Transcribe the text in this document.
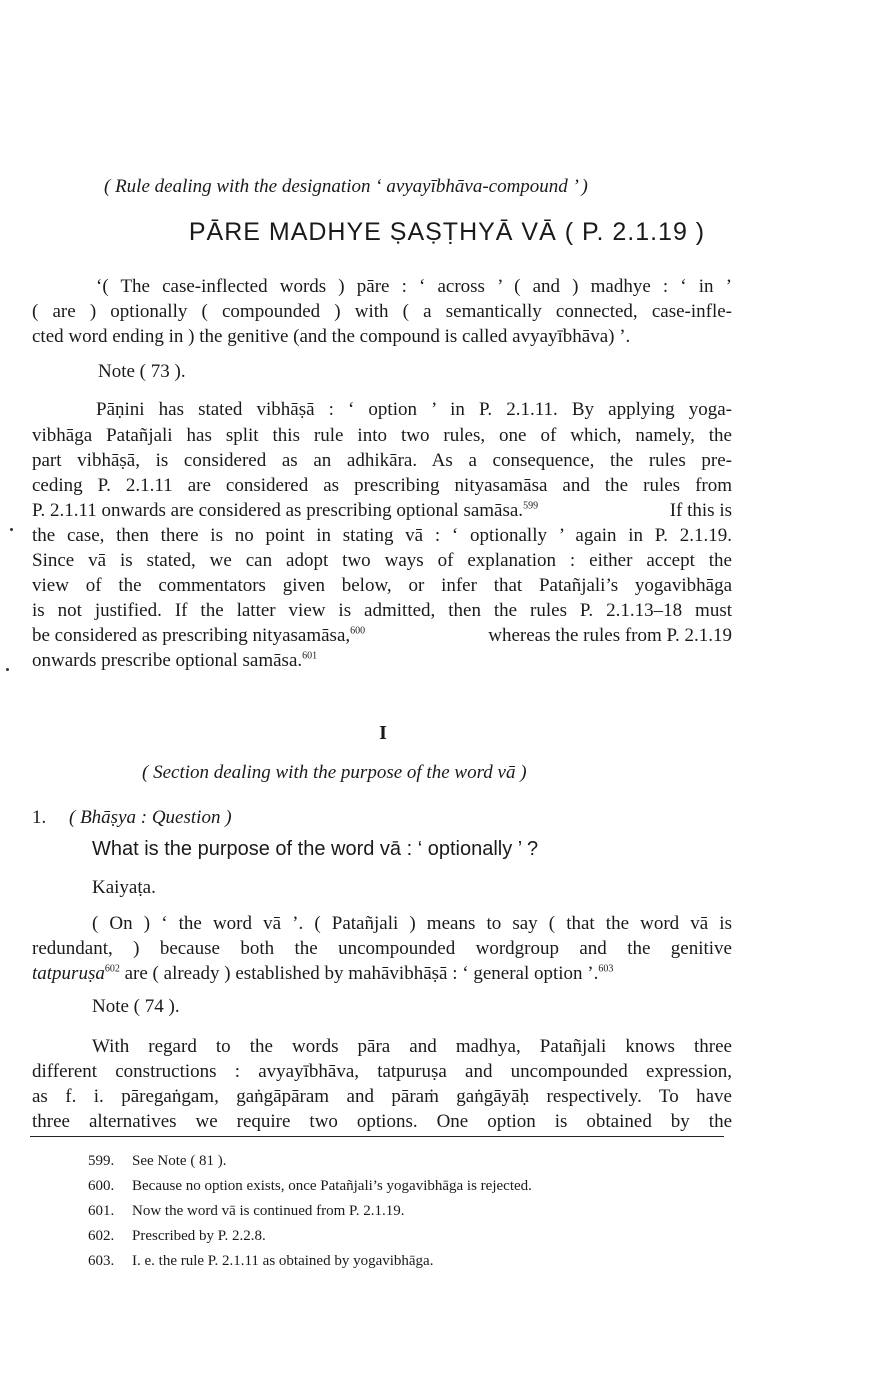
( Rule dealing with the designation ‘ avyayībhāva-compound ’ )
PĀRE MADHYE ṢAṢṬHYĀ VĀ ( P. 2.1.19 )
‘( The case-inflected words ) pāre : ‘ across ’ ( and ) madhye : ‘ in ’
( are ) optionally ( compounded ) with ( a semantically connected, case-infle-
cted word ending in ) the genitive (and the compound is called avyayībhāva) ’.
Note ( 73 ).
Pāṇini has stated vibhāṣā : ‘ option ’ in P. 2.1.11. By applying yoga-
vibhāga Patañjali has split this rule into two rules, one of which, namely, the
part vibhāṣā, is considered as an adhikāra. As a consequence, the rules pre-
ceding P. 2.1.11 are considered as prescribing nityasamāsa and the rules from
P. 2.1.11 onwards are considered as prescribing optional samāsa.$^{599}$	If this is
the case, then there is no point in stating vā : ‘ optionally ’ again in P. 2.1.19.
Since vā is stated, we can adopt two ways of explanation : either accept the
view of the commentators given below, or infer that Patañjali’s yogavibhāga
is not justified. If the latter view is admitted, then the rules P. 2.1.13–18 must
be considered as prescribing nityasamāsa,$^{600}$	whereas the rules from P. 2.1.19
onwards prescribe optional samāsa.$^{601}$
I
( Section dealing with the purpose of the word vā )
1. ( Bhāṣya : Question )
What is the purpose of the word vā : ‘ optionally ’ ?
Kaiyaṭa.
( On ) ‘ the word vā ’. ( Patañjali ) means to say ( that the word vā is
redundant, ) because both the uncompounded wordgroup and the genitive
tatpuruṣa$^{602}$ are ( already ) established by mahāvibhāṣā : ‘ general option ’.$^{603}$
Note ( 74 ).
With regard to the words pāra and madhya, Patañjali knows three
different constructions : avyayībhāva, tatpuruṣa and uncompounded expression,
as f. i. pāregaṅgam, gaṅgāpāram and pāraṁ gaṅgāyāḥ respectively. To have
three alternatives we require two options. One option is obtained by the
599. See Note ( 81 ).
600. Because no option exists, once Patañjali’s yogavibhāga is rejected.
601. Now the word vā is continued from P. 2.1.19.
602. Prescribed by P. 2.2.8.
603. I. e. the rule P. 2.1.11 as obtained by yogavibhāga.
